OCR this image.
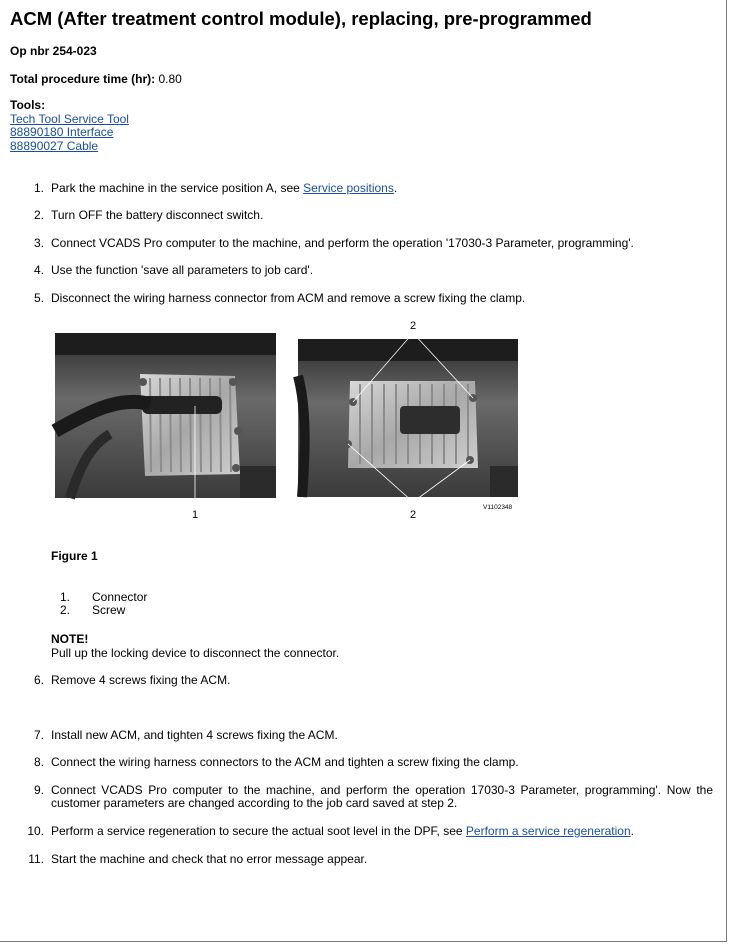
ACM (After treatment control module), replacing, pre-programmed
Op nbr 254-023
Total procedure time (hr): 0.80
Tools:
Tech Tool Service Tool
88890180 Interface
88890027 Cable
1. Park the machine in the service position A, see Service positions.
2. Turn OFF the battery disconnect switch.
3. Connect VCADS Pro computer to the machine, and perform the operation '17030-3 Parameter, programming'.
4. Use the function 'save all parameters to job card'.
5. Disconnect the wiring harness connector from ACM and remove a screw fixing the clamp.
1
2
2
V1102348
Figure 1
1. Connector
2. Screw
NOTE!
Pull up the locking device to disconnect the connector.
6. Remove 4 screws fixing the ACM.
7. Install new ACM, and tighten 4 screws fixing the ACM.
8. Connect the wiring harness connectors to the ACM and tighten a screw fixing the clamp.
9. Connect VCADS Pro computer to the machine, and perform the operation 17030-3 Parameter, programming'. Now the
customer parameters are changed according to the job card saved at step 2.
10. Perform a service regeneration to secure the actual soot level in the DPF, see Perform a service regeneration.
11. Start the machine and check that no error message appear.
